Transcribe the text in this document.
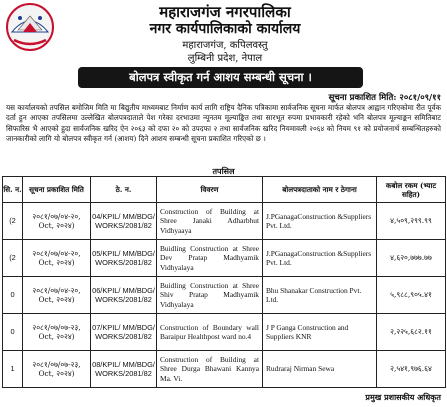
महाराजगंज नगरपालिका
नगर कार्यपालिकाको कार्यालय
महाराजगंज, कपिलवस्तु
लुम्बिनी प्रदेश, नेपाल
बोलपत्र स्वीकृत गर्न आशय सम्बन्धी सूचना ।
सूचना प्रकाशित मिति: २०८१/०९/११
यस कार्यालयको तपसिल बमोजिम मिति मा बिद्युतीय माध्यमबाट निर्माण कार्य लागि राष्ट्रिय दैनिक पत्रिकामा सार्वजनिक सूचना मार्फत बोलपत्र आह्वान गरिएकोमा रीत पूर्वक दर्ता हुन आएका तपसिलमा उल्लेखित बोलपत्रदाताले पेश गरेका दरभाउमा न्यूनतम मूल्याङ्कित तथा सारभूत रुपमा प्रभावकारी रहेको भनि बोलपत्र मूल्याङ्कन समितिबाट सिफारिस भै आएको हुदा सार्वजनिक खरिद ऐन २०६३ को दफा २० को उपदफा २ तथा सार्वजनिक खरिद नियमावली २०६४ को नियम ९१ को प्रयोजनार्थ सम्बन्धितहरुको जानकारीको लागि यो बोलपत्र स्वीकृत गर्न (आशय) दिने आशय सम्बन्धी सूचना प्रकाशित गरिएको छ ।
तपसिल
सि. न.	सूचना प्रकाशित मिति	ठे. न.	विवरण	बोलपत्रदाताको नाम र ठेगाना	कबोल रकम (भ्याट सहित)
(2	२०८१/०७/०४-२०, Oct, २०२४)	04/KPIL/ MM/BDG/ WORKS/2081/82	Construction of Building at Shree Janaki Adharbhut Vidhyaaya	J.PGanagaConstruction &Suppliers Pvt. Ltd.	४,५०९,२९९.९९
(2	२०८१/०७/०४-२०, Oct, २०२४)	05/KPIL/ MM/BDG/ WORKS/2081/82	Buidling Construction at Shree Dev Pratap Madhyamik Vidhyalaya	J.PGanagaConstruction &Suppliers Pvt. Ltd.	४,६२०,७७७.७७
0	२०८१/०७/०४-२०, Oct, २०२४)	06/KPIL/ MM/BDG/ WORKS/2081/82	Buidling Construction at Shree Shiv Pratap Madhyamik Vidhyalaya	Bhu Shanakar Construction Pvt. Ltd.	५,९८८,९०५.४१
0	२०८१/०७/०७-२३, Oct, २०२४)	07/KPIL/ MM/BDG/ WORKS/2081/82	Construction of Boundary wall Baraipur Healthpost ward no.4	J P Ganga Construction and Suppliers KNR	२,२२५,६८२.११
1	२०८१/०७/०७-२३, Oct, २०२४)	08/KPIL/ MM/BDG/ WORKS/2081/82	Construction of Building at Shree Durga Bhawani Kannya Ma. Vi.	Rudraraj Nirman Sewa	२,५४१,९७६.६४
प्रमुख प्रशासकीय अधिकृत
